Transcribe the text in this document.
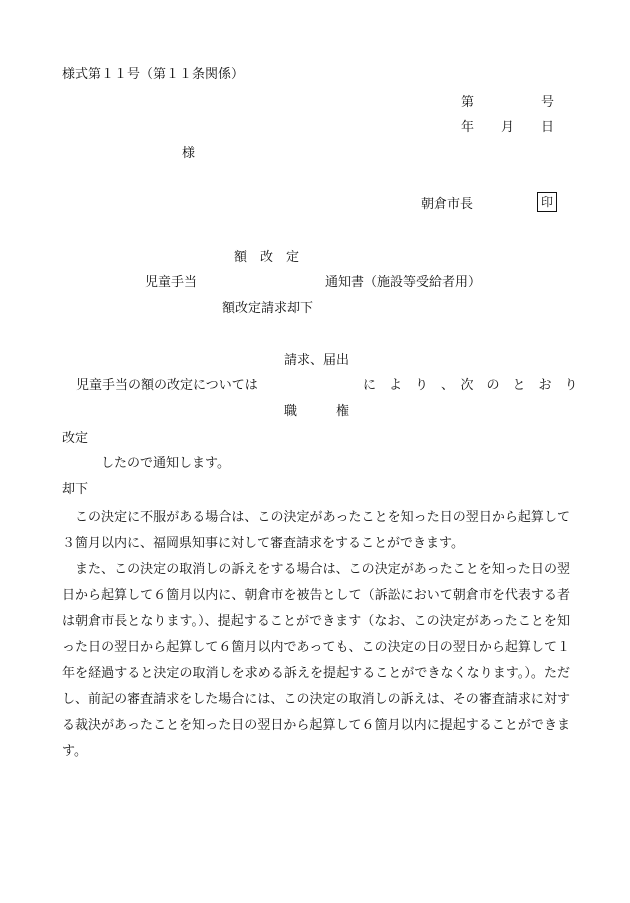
様式第１１号（第１１条関係）
第	号
年 月 日
様
朝倉市長	印
額　改　定
児童手当	通知書（施設等受給者用）
額改定請求却下
請求、届出
児童手当の額の改定については	に　よ　り　、　次　の　と　お　り
職　　　権
改定
したので通知します。
却下

この決定に不服がある場合は、この決定があったことを知った日の翌日から起算して３箇月以内に、福岡県知事に対して審査請求をすることができます。

また、この決定の取消しの訴えをする場合は、この決定があったことを知った日の翌日から起算して６箇月以内に、朝倉市を被告として（訴訟において朝倉市を代表する者は朝倉市長となります。）、提起することができます（なお、この決定があったことを知った日の翌日から起算して６箇月以内であっても、この決定の日の翌日から起算して１年を経過すると決定の取消しを求める訴えを提起することができなくなります。）。ただし、前記の審査請求をした場合には、この決定の取消しの訴えは、その審査請求に対する裁決があったことを知った日の翌日から起算して６箇月以内に提起することができます。
